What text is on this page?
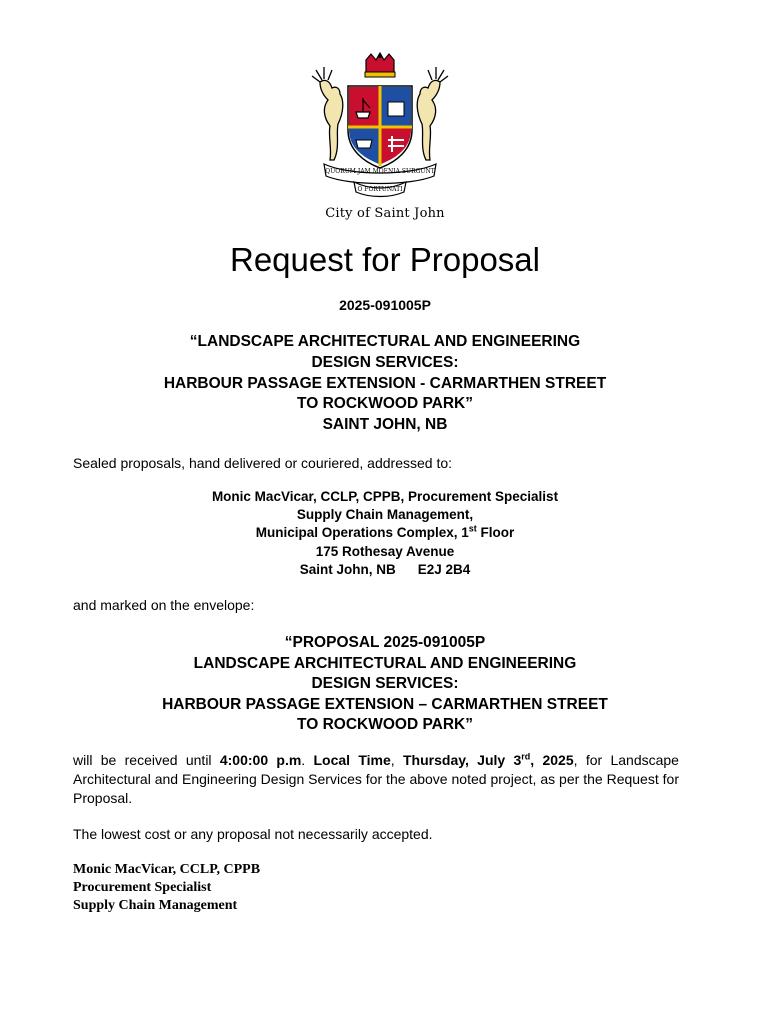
QUORUM JAM MOENIA SURGUNT
O FORTUNATI
City of Saint John
Request for Proposal
2025-091005P
“LANDSCAPE ARCHITECTURAL AND ENGINEERING
DESIGN SERVICES:
HARBOUR PASSAGE EXTENSION - CARMARTHEN STREET
TO ROCKWOOD PARK”
SAINT JOHN, NB
Sealed proposals, hand delivered or couriered, addressed to:
Monic MacVicar, CCLP, CPPB, Procurement Specialist
Supply Chain Management,
Municipal Operations Complex, 1st Floor
175 Rothesay Avenue
Saint John, NB E2J 2B4
and marked on the envelope:
“PROPOSAL 2025-091005P
LANDSCAPE ARCHITECTURAL AND ENGINEERING
DESIGN SERVICES:
HARBOUR PASSAGE EXTENSION – CARMARTHEN STREET
TO ROCKWOOD PARK”
will be received until 4:00:00 p.m. Local Time, Thursday, July 3rd, 2025, for Landscape Architectural and Engineering Design Services for the above noted project, as per the Request for Proposal.
The lowest cost or any proposal not necessarily accepted.
Monic MacVicar, CCLP, CPPB
Procurement Specialist
Supply Chain Management
